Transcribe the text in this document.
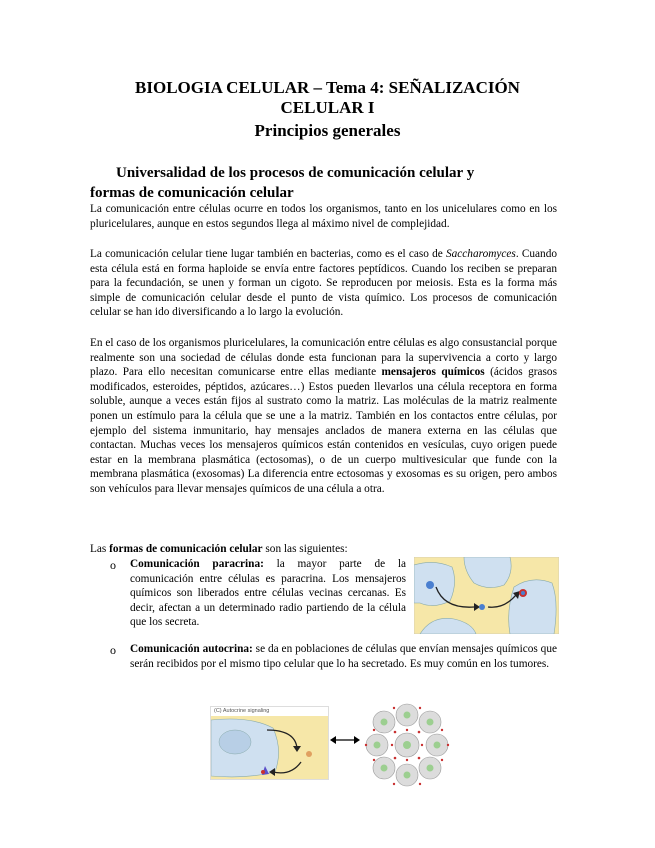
BIOLOGIA CELULAR – Tema 4: SEÑALIZACIÓN
CELULAR I
Principios generales
Universalidad de los procesos de comunicación celular y
formas de comunicación celular
La comunicación entre células ocurre en todos los organismos, tanto en los unicelulares como en los pluricelulares, aunque en estos segundos llega al máximo nivel de complejidad.
La comunicación celular tiene lugar también en bacterias, como es el caso de Saccharomyces. Cuando esta célula está en forma haploide se envía entre factores peptídicos. Cuando los reciben se preparan para la fecundación, se unen y forman un cigoto. Se reproducen por meiosis. Esta es la forma más simple de comunicación celular desde el punto de vista químico. Los procesos de comunicación celular se han ido diversificando a lo largo la evolución.
En el caso de los organismos pluricelulares, la comunicación entre células es algo consustancial porque realmente son una sociedad de células donde esta funcionan para la supervivencia a corto y largo plazo. Para ello necesitan comunicarse entre ellas mediante mensajeros químicos (ácidos grasos modificados, esteroides, péptidos, azúcares…) Estos pueden llevarlos una célula receptora en forma soluble, aunque a veces están fijos al sustrato como la matriz. Las moléculas de la matriz realmente ponen un estímulo para la célula que se une a la matriz. También en los contactos entre células, por ejemplo del sistema inmunitario, hay mensajes anclados de manera externa en las células que contactan. Muchas veces los mensajeros químicos están contenidos en vesículas, cuyo origen puede estar en la membrana plasmática (ectosomas), o de un cuerpo multivesicular que funde con la membrana plasmática (exosomas) La diferencia entre ectosomas y exosomas es su origen, pero ambos son vehículos para llevar mensajes químicos de una célula a otra.
Las formas de comunicación celular son las siguientes:
o Comunicación paracrina: la mayor parte de la comunicación entre células es paracrina. Los mensajeros químicos son liberados entre células vecinas cercanas. Es decir, afectan a un determinado radio partiendo de la célula que los secreta.
o Comunicación autocrina: se da en poblaciones de células que envían mensajes químicos que serán recibidos por el mismo tipo celular que lo ha secretado. Es muy común en los tumores.
(C) Autocrine signaling
